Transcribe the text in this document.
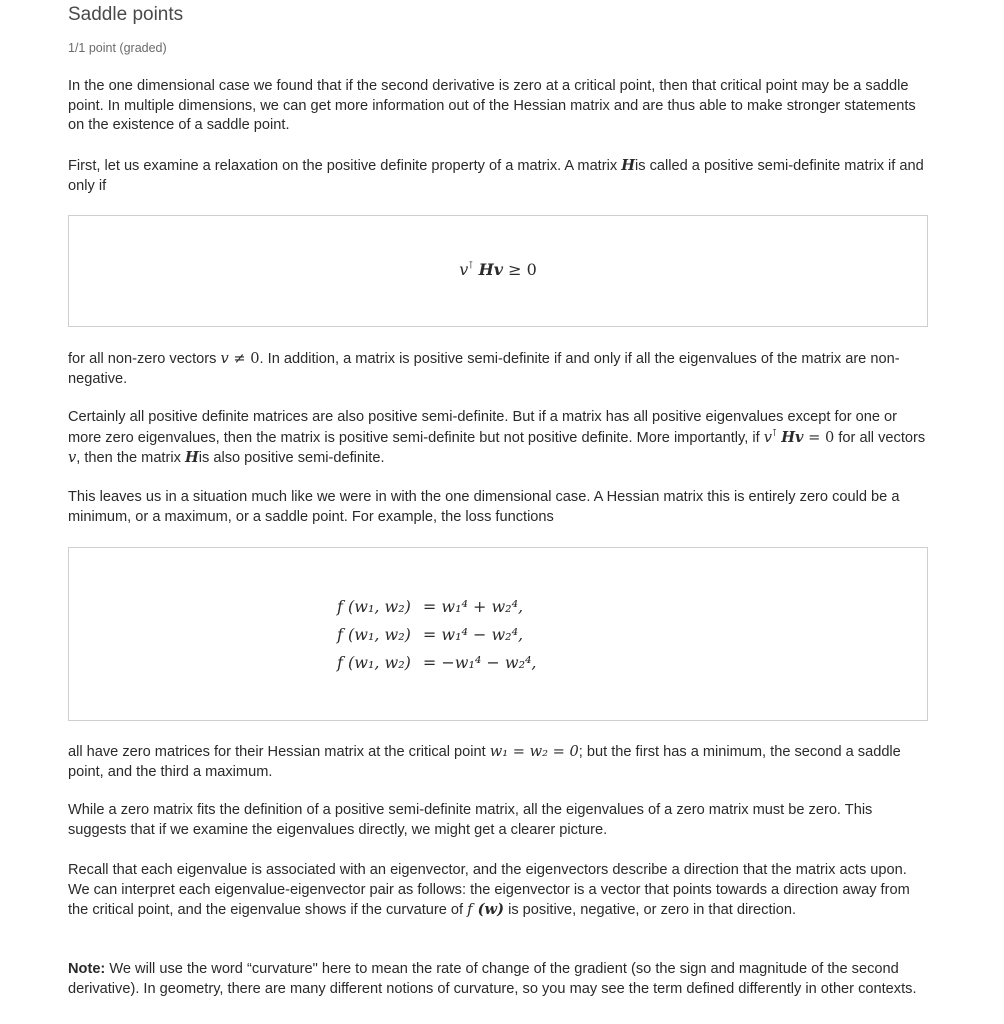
Saddle points
1/1 point (graded)

In the one dimensional case we found that if the second derivative is zero at a critical point, then that critical point may be a saddle point. In multiple dimensions, we can get more information out of the Hessian matrix and are thus able to make stronger statements on the existence of a saddle point.

First, let us examine a relaxation on the positive definite property of a matrix. A matrix His called a positive semi-definite matrix if and only if

v⊺ Hv ≥ 0

for all non-zero vectors v ≠ 0. In addition, a matrix is positive semi-definite if and only if all the eigenvalues of the matrix are non-negative.

Certainly all positive definite matrices are also positive semi-definite. But if a matrix has all positive eigenvalues except for one or more zero eigenvalues, then the matrix is positive semi-definite but not positive definite. More importantly, if v⊺ Hv = 0 for all vectors v, then the matrix His also positive semi-definite.

This leaves us in a situation much like we were in with the one dimensional case. A Hessian matrix this is entirely zero could be a minimum, or a maximum, or a saddle point. For example, the loss functions

f (w₁, w₂)	= w₁⁴ + w₂⁴,
f (w₁, w₂)	= w₁⁴ − w₂⁴,
f (w₁, w₂)	= −w₁⁴ − w₂⁴,

all have zero matrices for their Hessian matrix at the critical point w₁ = w₂ = 0; but the first has a minimum, the second a saddle point, and the third a maximum.

While a zero matrix fits the definition of a positive semi-definite matrix, all the eigenvalues of a zero matrix must be zero. This suggests that if we examine the eigenvalues directly, we might get a clearer picture.

Recall that each eigenvalue is associated with an eigenvector, and the eigenvectors describe a direction that the matrix acts upon. We can interpret each eigenvalue-eigenvector pair as follows: the eigenvector is a vector that points towards a direction away from the critical point, and the eigenvalue shows if the curvature of f (w) is positive, negative, or zero in that direction.

Note: We will use the word “curvature" here to mean the rate of change of the gradient (so the sign and magnitude of the second derivative). In geometry, there are many different notions of curvature, so you may see the term defined differently in other contexts.
